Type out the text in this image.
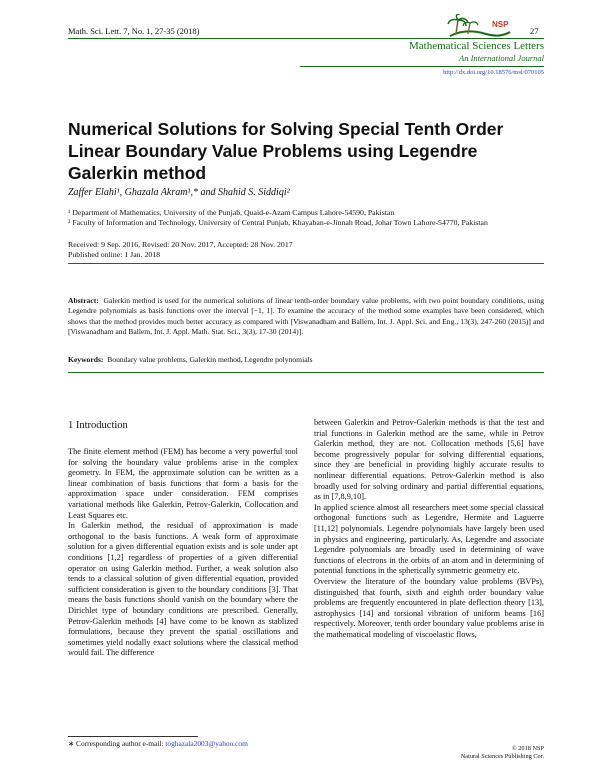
Math. Sci. Lett. 7, No. 1, 27-35 (2018)	27
NSP
Mathematical Sciences Letters
An International Journal
http://dx.doi.org/10.18576/msl/070105
Numerical Solutions for Solving Special Tenth Order
Linear Boundary Value Problems using Legendre
Galerkin method
Zaffer Elahi¹, Ghazala Akram¹,* and Shahid S. Siddiqi²
¹ Department of Mathematics, University of the Punjab, Quaid-e-Azam Campus Lahore-54590, Pakistan
² Faculty of Information and Technology, University of Central Punjab, Khayaban-e-Jinnah Road, Johar Town Lahore-54770, Pakistan
Received: 9 Sep. 2016, Revised: 20 Nov. 2017, Accepted: 28 Nov. 2017
Published online: 1 Jan. 2018
Abstract: Galerkin method is used for the numerical solutions of linear tenth-order boundary value problems, with two point boundary conditions, using Legendre polynomials as basis functions over the interval [−1, 1]. To examine the accuracy of the method some examples have been considered, which shows that the method provides much better accuracy as compared with [Viswanadham and Ballem, Int. J. Appl. Sci. and Eng., 13(3), 247-260 (2015)] and [Viswanadham and Ballem, Int. J. Appl. Math. Stat. Sci., 3(3), 17-30 (2014)].
Keywords: Boundary value problems, Galerkin method, Legendre polynomials
1 Introduction

The finite element method (FEM) has become a very powerful tool for solving the boundary value problems arise in the complex geometry. In FEM, the approximate solution can be written as a linear combination of basis functions that form a basis for the approximation space under consideration. FEM comprises variational methods like Galerkin, Petrov-Galerkin, Collocation and Least Squares etc.

In Galerkin method, the residual of approximation is made orthogonal to the basis functions. A weak form of approximate solution for a given differential equation exists and is sole under apt conditions [1,2] regardless of properties of a given differential operator on using Galerkin method. Further, a weak solution also tends to a classical solution of given differential equation, provided sufficient consideration is given to the boundary conditions [3]. That means the basis functions should vanish on the boundary where the Dirichlet type of boundary conditions are prescribed. Generally, Petrov-Galerkin methods [4] have come to be known as stablized formulations, because they prevent the spatial oscillations and sometimes yield nodally exact solutions where the classical method would fail. The difference

between Galerkin and Petrov-Galerkin methods is that the test and trial functions in Galerkin method are the same, while in Petrov Galerkin method, they are not. Collocation methods [5,6] have become progressively popular for solving differential equations, since they are beneficial in providing highly accurate results to nonlinear differential equations. Petrov-Galerkin method is also broadly used for solving ordinary and partial differential equations, as in [7,8,9,10].

In applied science almost all researchers meet some special classical orthogonal functions such as Legendre, Hermite and Laguerre [11,12] polynomials. Legendre polynomials have largely been used in physics and engineering, particularly. As, Legendre and associate Legendre polynomials are broadly used in determining of wave functions of electrons in the orbits of an atom and in determining of potential functions in the spherically symmetric geometry etc.

Overview the literature of the boundary value problems (BVPs), distinguished that fourth, sixth and eighth order boundary value problems are frequently encountered in plate deflection theory [13], astrophysics [14] and torsional vibration of uniform beams [16] respectively. Moreover, tenth order boundary value problems arise in the mathematical modeling of viscoelastic flows,

∗ Corresponding author e-mail: toghazala2003@yahoo.com
© 2018 NSP
Natural Sciences Publishing Cor.
